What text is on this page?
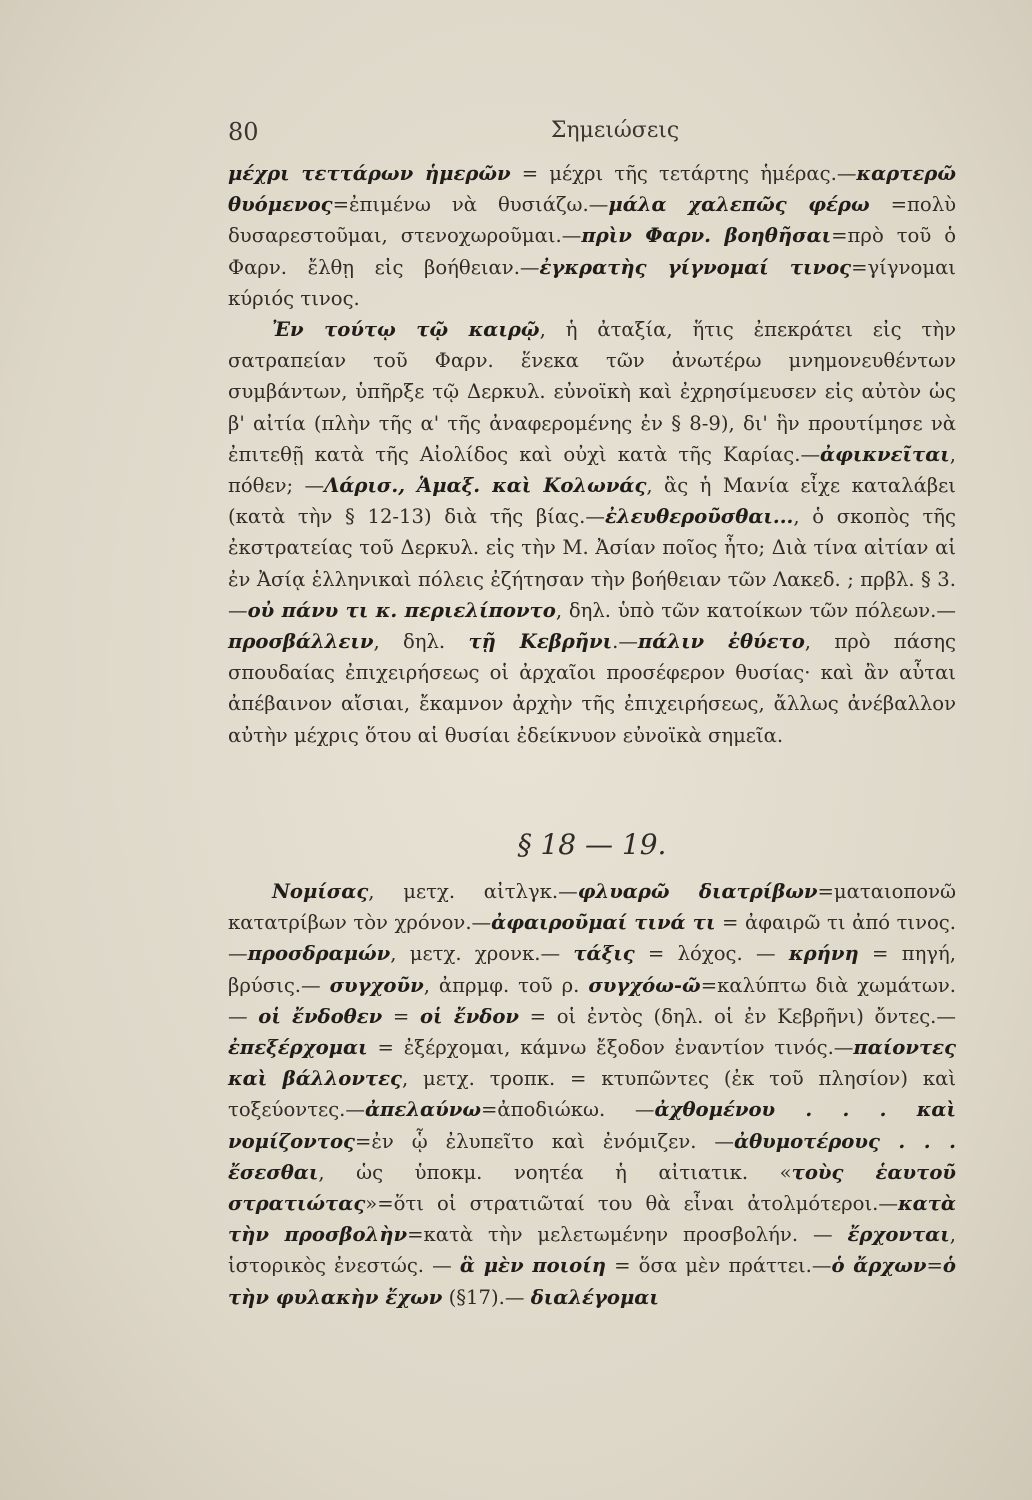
80	Σημειώσεις

μέχρι τεττάρων ἡμερῶν = μέχρι τῆς τετάρτης ἡμέρας.—καρτερῶ θυόμενος=ἐπιμένω νὰ θυσιάζω.—μάλα χαλεπῶς φέρω =πολὺ δυσαρεστοῦμαι, στενοχωροῦμαι.—πρὶν Φαρν. βοηθῆσαι=πρὸ τοῦ ὁ Φαρν. ἔλθῃ εἰς βοήθειαν.—ἐγκρατὴς γίγνομαί τινος=γίγνομαι κύριός τινος.

Ἐν τούτῳ τῷ καιρῷ, ἡ ἀταξία, ἥτις ἐπεκράτει εἰς τὴν σατραπείαν τοῦ Φαρν. ἕνεκα τῶν ἀνωτέρω μνημονευθέντων συμβάντων, ὑπῆρξε τῷ Δερκυλ. εὐνοϊκὴ καὶ ἐχρησίμευσεν εἰς αὐτὸν ὡς β' αἰτία (πλὴν τῆς α' τῆς ἀναφερομένης ἐν § 8-9), δι' ἣν προυτίμησε νὰ ἐπιτεθῇ κατὰ τῆς Αἰολίδος καὶ οὐχὶ κατὰ τῆς Καρίας.—ἀφικνεῖται, πόθεν; —Λάρισ., Ἁμαξ. καὶ Κολωνάς, ἃς ἡ Μανία εἶχε καταλάβει (κατὰ τὴν § 12-13) διὰ τῆς βίας.—ἐλευθεροῦσθαι..., ὁ σκοπὸς τῆς ἐκστρατείας τοῦ Δερκυλ. εἰς τὴν Μ. Ἀσίαν ποῖος ἦτο; Διὰ τίνα αἰτίαν αἱ ἐν Ἀσίᾳ ἑλληνικαὶ πόλεις ἐζήτησαν τὴν βοήθειαν τῶν Λακεδ. ; πρβλ. § 3.—οὐ πάνυ τι κ. περιελίποντο, δηλ. ὑπὸ τῶν κατοίκων τῶν πόλεων.—προσβάλλειν, δηλ. τῇ Κεβρῆνι.—πάλιν ἐθύετο, πρὸ πάσης σπουδαίας ἐπιχειρήσεως οἱ ἀρχαῖοι προσέφερον θυσίας· καὶ ἂν αὗται ἀπέβαινον αἴσιαι, ἔκαμνον ἀρχὴν τῆς ἐπιχειρήσεως, ἄλλως ἀνέβαλλον αὐτὴν μέχρις ὅτου αἱ θυσίαι ἐδείκνυον εὐνοϊκὰ σημεῖα.

§ 18 — 19.

Νομίσας, μετχ. αἰτλγκ.—φλυαρῶ διατρίβων=ματαιοπονῶ κατατρίβων τὸν χρόνον.—ἀφαιροῦμαί τινά τι = ἀφαιρῶ τι ἀπό τινος.—προσδραμών, μετχ. χρονκ.— τάξις = λόχος. — κρήνη = πηγή, βρύσις.— συγχοῦν, ἀπρμφ. τοῦ ρ. συγχόω-ῶ=καλύπτω διὰ χωμάτων.— οἱ ἔνδοθεν = οἱ ἔνδον = οἱ ἐντὸς (δηλ. οἱ ἐν Κεβρῆνι) ὄντες.— ἐπεξέρχομαι = ἐξέρχομαι, κάμνω ἔξοδον ἐναντίον τινός.—παίοντες καὶ βάλλοντες, μετχ. τροπκ. = κτυπῶντες (ἐκ τοῦ πλησίον) καὶ τοξεύοντες.—ἀπελαύνω=ἀποδιώκω. —ἀχθομένου . . . καὶ νομίζοντος=ἐν ᾧ ἐλυπεῖτο καὶ ἐνόμιζεν. —ἀθυμοτέρους . . . ἔσεσθαι, ὡς ὑποκμ. νοητέα ἡ αἰτιατικ. «τοὺς ἑαυτοῦ στρατιώτας»=ὅτι οἱ στρατιῶταί του θὰ εἶναι ἀτολμότεροι.—κατὰ τὴν προσβολὴν=κατὰ τὴν μελετωμένην προσβολήν. — ἔρχονται, ἱστορικὸς ἐνεστώς. — ἃ μὲν ποιοίη = ὅσα μὲν πράττει.—ὁ ἄρχων=ὁ τὴν φυλακὴν ἔχων (§17).— διαλέγομαι
